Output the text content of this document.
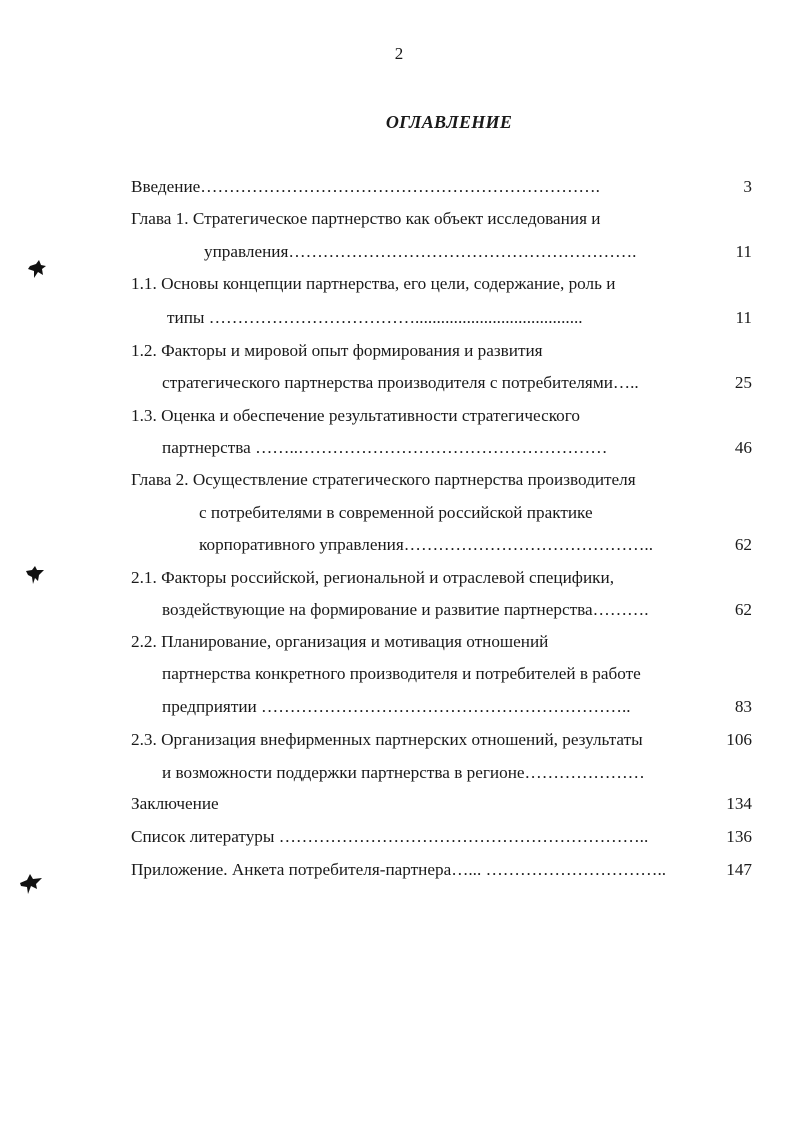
2
ОГЛАВЛЕНИЕ
Введение…………………………………………………………….	3
Глава 1. Стратегическое партнерство как объект исследования и
управления…………………………………………………….	11
1.1. Основы концепции партнерства, его цели, содержание, роль и
типы ……………………………….......................................	11
1.2. Факторы и мировой опыт формирования и развития
стратегического партнерства производителя с потребителями…..	25
1.3. Оценка и обеспечение результативности стратегического
партнерства ……..………………………………………………	46
Глава 2. Осуществление стратегического партнерства производителя
с потребителями в современной российской практике
корпоративного управления……………………………………..	62
2.1. Факторы российской, региональной и отраслевой специфики,
воздействующие на формирование и развитие партнерства……….	62
2.2. Планирование, организация и мотивация отношений
партнерства конкретного производителя и потребителей в работе
предприятии ………………………………………………………..	83
2.3. Организация внефирменных партнерских отношений, результаты	106
и возможности поддержки партнерства в регионе…………………
Заключение	134
Список литературы ………………………………………………………..	136
Приложение. Анкета потребителя-партнера…... …………………………..	147
